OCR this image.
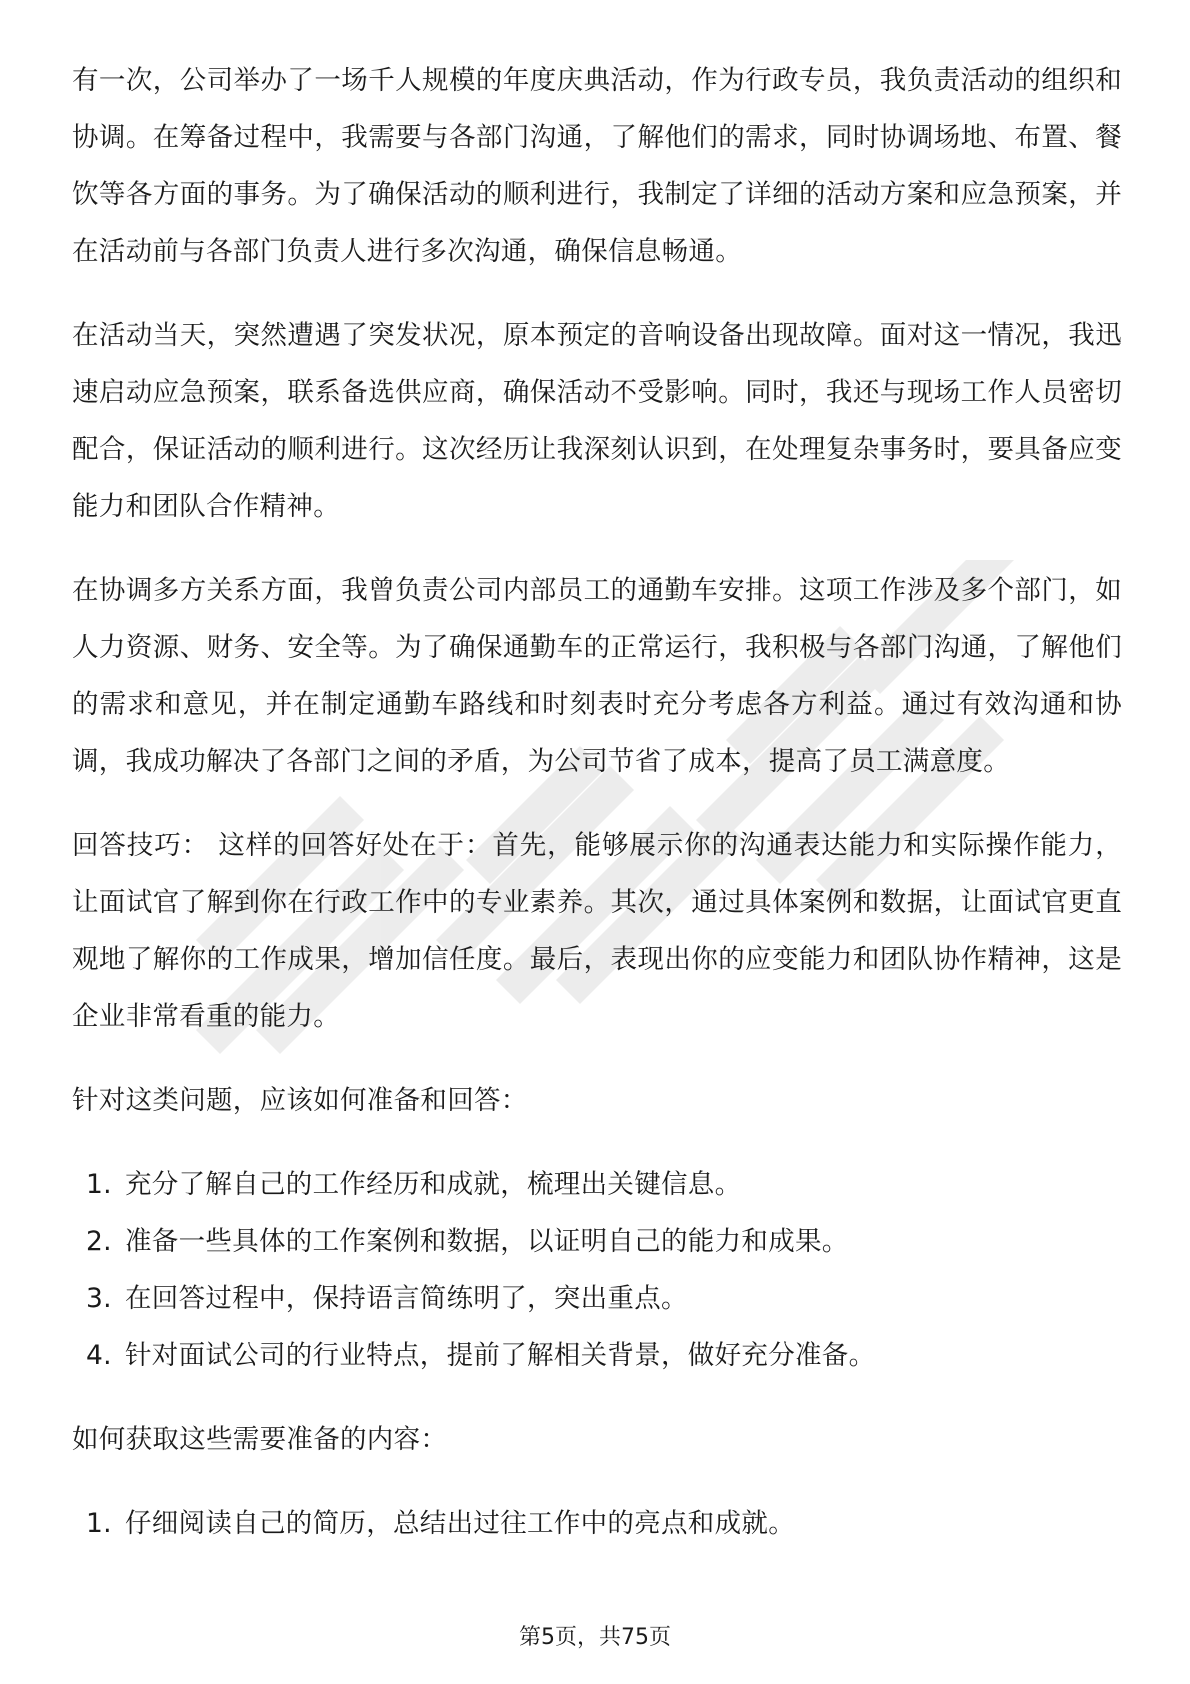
有一次，公司举办了一场千人规模的年度庆典活动，作为行政专员，我负责活动的组织和协调。在筹备过程中，我需要与各部门沟通，了解他们的需求，同时协调场地、布置、餐饮等各方面的事务。为了确保活动的顺利进行，我制定了详细的活动方案和应急预案，并在活动前与各部门负责人进行多次沟通，确保信息畅通。

在活动当天，突然遭遇了突发状况，原本预定的音响设备出现故障。面对这一情况，我迅速启动应急预案，联系备选供应商，确保活动不受影响。同时，我还与现场工作人员密切配合，保证活动的顺利进行。这次经历让我深刻认识到，在处理复杂事务时，要具备应变能力和团队合作精神。

在协调多方关系方面，我曾负责公司内部员工的通勤车安排。这项工作涉及多个部门，如人力资源、财务、安全等。为了确保通勤车的正常运行，我积极与各部门沟通，了解他们的需求和意见，并在制定通勤车路线和时刻表时充分考虑各方利益。通过有效沟通和协调，我成功解决了各部门之间的矛盾，为公司节省了成本，提高了员工满意度。

回答技巧： 这样的回答好处在于：首先，能够展示你的沟通表达能力和实际操作能力，让面试官了解到你在行政工作中的专业素养。其次，通过具体案例和数据，让面试官更直观地了解你的工作成果，增加信任度。最后，表现出你的应变能力和团队协作精神，这是企业非常看重的能力。

针对这类问题，应该如何准备和回答：

1. 充分了解自己的工作经历和成就，梳理出关键信息。
2. 准备一些具体的工作案例和数据，以证明自己的能力和成果。
3. 在回答过程中，保持语言简练明了，突出重点。
4. 针对面试公司的行业特点，提前了解相关背景，做好充分准备。

如何获取这些需要准备的内容：

1. 仔细阅读自己的简历，总结出过往工作中的亮点和成就。
第5页，共75页
